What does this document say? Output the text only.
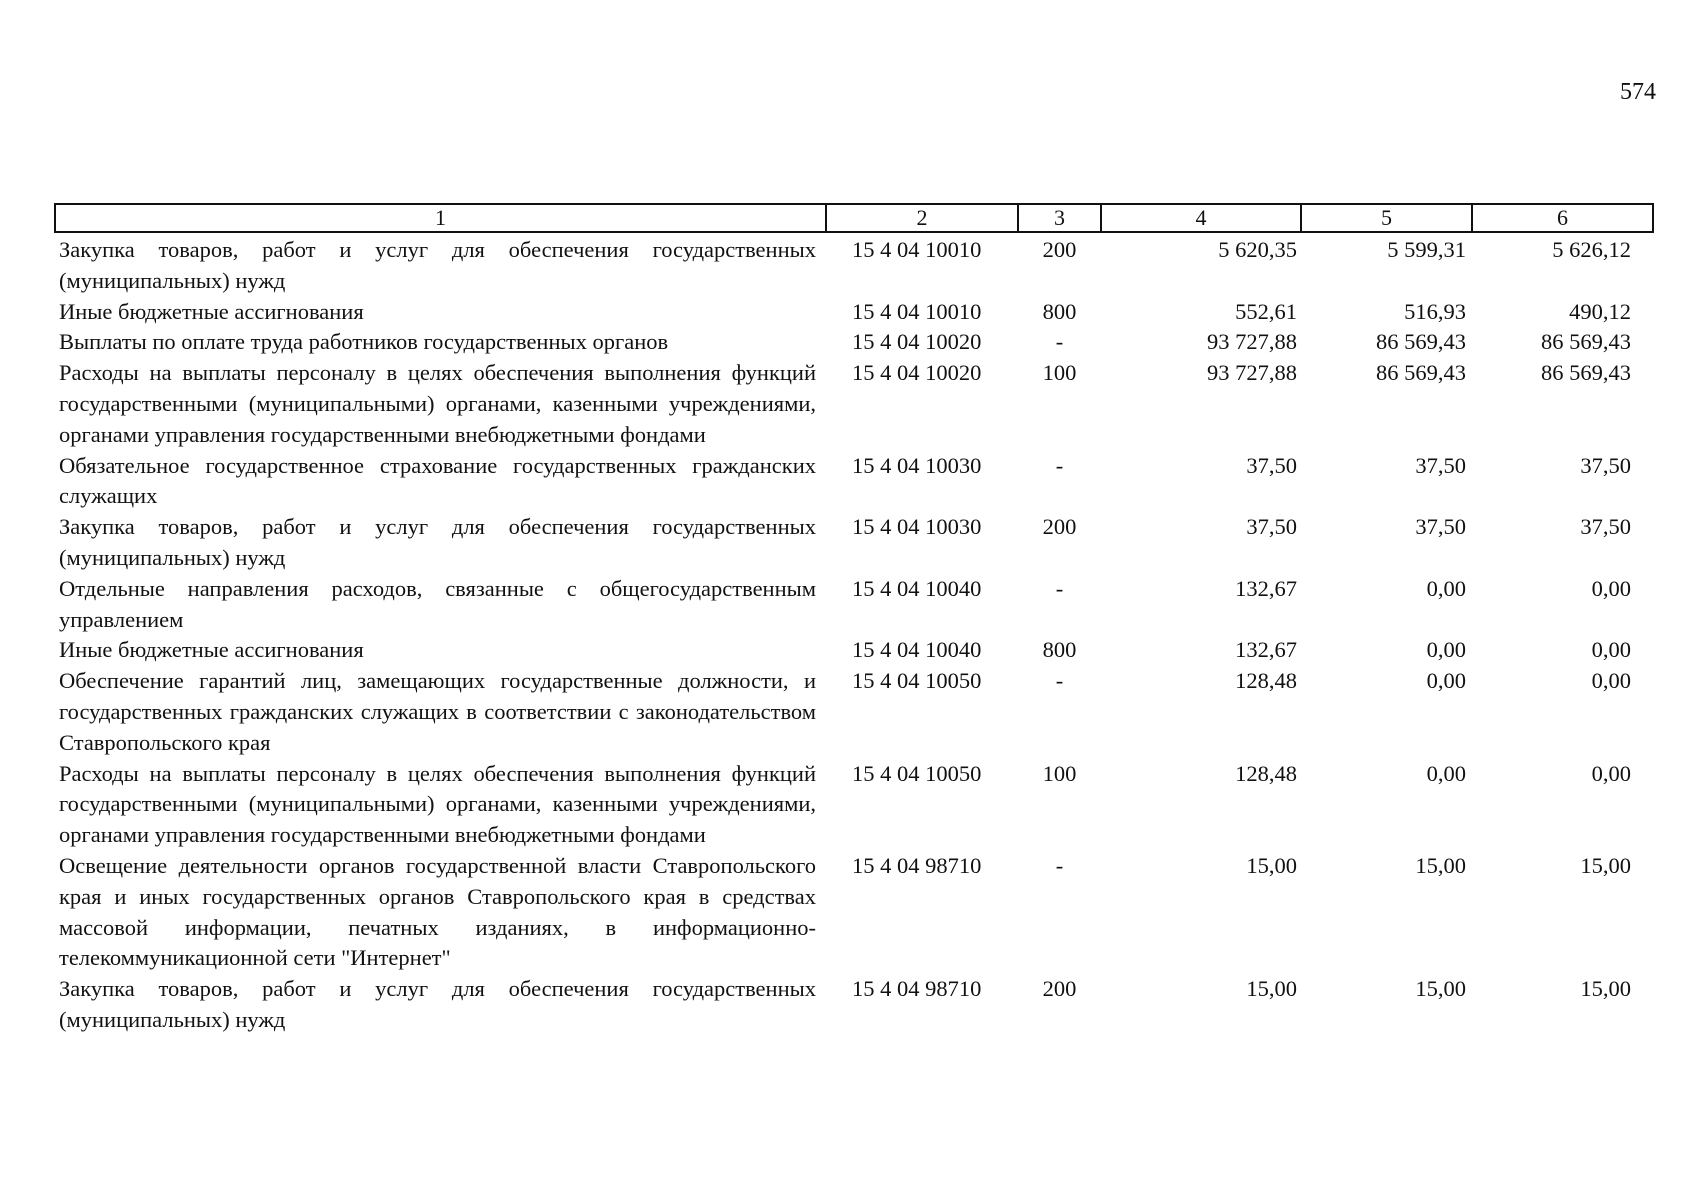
574
1	2	3	4	5	6
Закупка товаров, работ и услуг для обеспечения государственных (муниципальных) нужд	15 4 04 10010	200	5 620,35	5 599,31	5 626,12
Иные бюджетные ассигнования	15 4 04 10010	800	552,61	516,93	490,12
Выплаты по оплате труда работников государственных органов	15 4 04 10020	-	93 727,88	86 569,43	86 569,43
Расходы на выплаты персоналу в целях обеспечения выполнения функций государственными (муниципальными) органами, казенными учреждениями, органами управления государственными внебюджетными фондами	15 4 04 10020	100	93 727,88	86 569,43	86 569,43
Обязательное государственное страхование государственных гражданских служащих	15 4 04 10030	-	37,50	37,50	37,50
Закупка товаров, работ и услуг для обеспечения государственных (муниципальных) нужд	15 4 04 10030	200	37,50	37,50	37,50
Отдельные направления расходов, связанные с общегосударственным управлением	15 4 04 10040	-	132,67	0,00	0,00
Иные бюджетные ассигнования	15 4 04 10040	800	132,67	0,00	0,00
Обеспечение гарантий лиц, замещающих государственные должности, и государственных гражданских служащих в соответствии с законодательством Ставропольского края	15 4 04 10050	-	128,48	0,00	0,00
Расходы на выплаты персоналу в целях обеспечения выполнения функций государственными (муниципальными) органами, казенными учреждениями, органами управления государственными внебюджетными фондами	15 4 04 10050	100	128,48	0,00	0,00
Освещение деятельности органов государственной власти Ставропольского края и иных государственных органов Ставропольского края в средствах массовой информации, печатных изданиях, в информационно-телекоммуникационной сети "Интернет"	15 4 04 98710	-	15,00	15,00	15,00
Закупка товаров, работ и услуг для обеспечения государственных (муниципальных) нужд	15 4 04 98710	200	15,00	15,00	15,00
